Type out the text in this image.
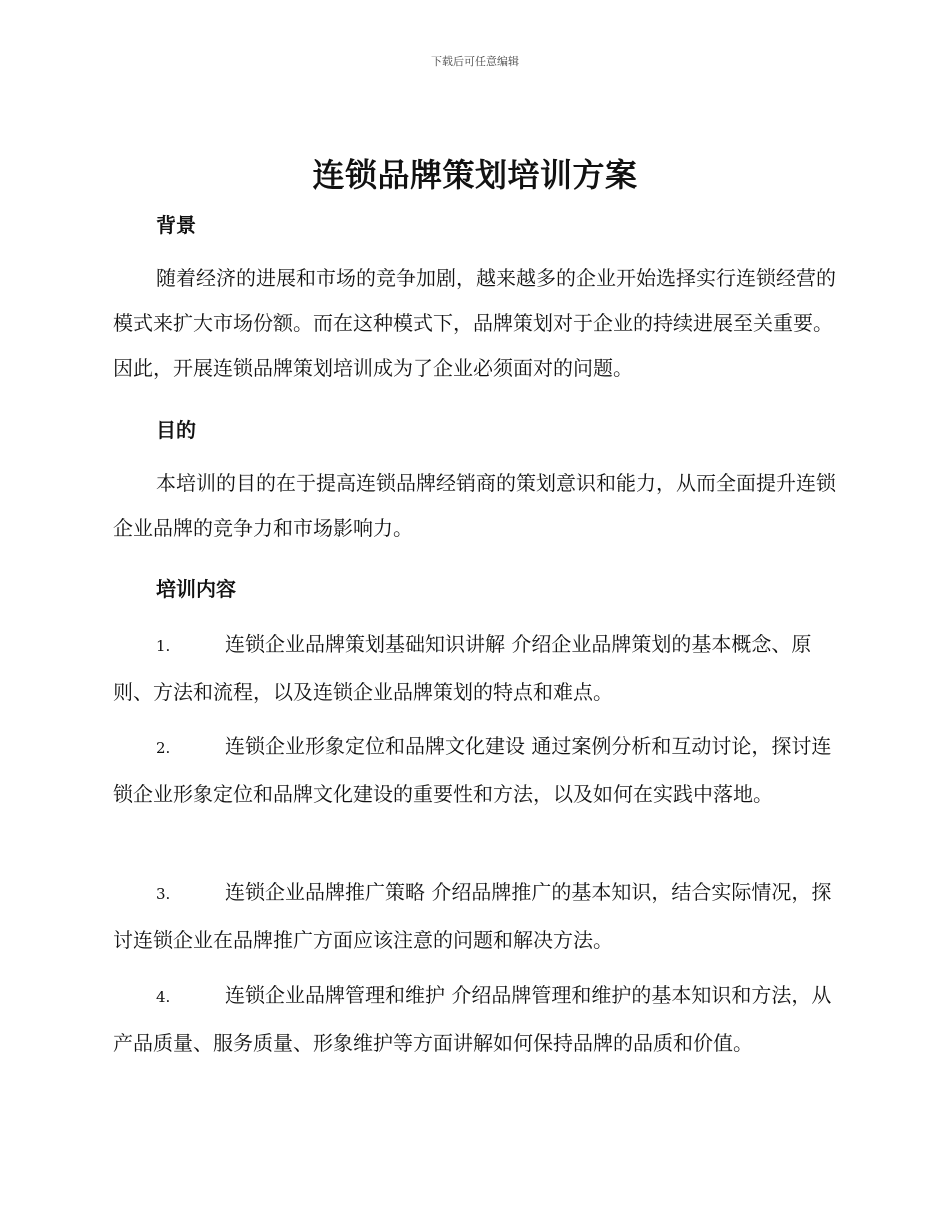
下载后可任意编辑
连锁品牌策划培训方案
背景
随着经济的进展和市场的竞争加剧，越来越多的企业开始选择实行连锁经营的模式来扩大市场份额。而在这种模式下，品牌策划对于企业的持续进展至关重要。因此，开展连锁品牌策划培训成为了企业必须面对的问题。
目的
本培训的目的在于提高连锁品牌经销商的策划意识和能力，从而全面提升连锁企业品牌的竞争力和市场影响力。
培训内容
1.	连锁企业品牌策划基础知识讲解 介绍企业品牌策划的基本概念、原则、方法和流程，以及连锁企业品牌策划的特点和难点。
2.	连锁企业形象定位和品牌文化建设 通过案例分析和互动讨论，探讨连锁企业形象定位和品牌文化建设的重要性和方法，以及如何在实践中落地。
3.	连锁企业品牌推广策略 介绍品牌推广的基本知识，结合实际情况，探讨连锁企业在品牌推广方面应该注意的问题和解决方法。
4.	连锁企业品牌管理和维护 介绍品牌管理和维护的基本知识和方法，从产品质量、服务质量、形象维护等方面讲解如何保持品牌的品质和价值。
